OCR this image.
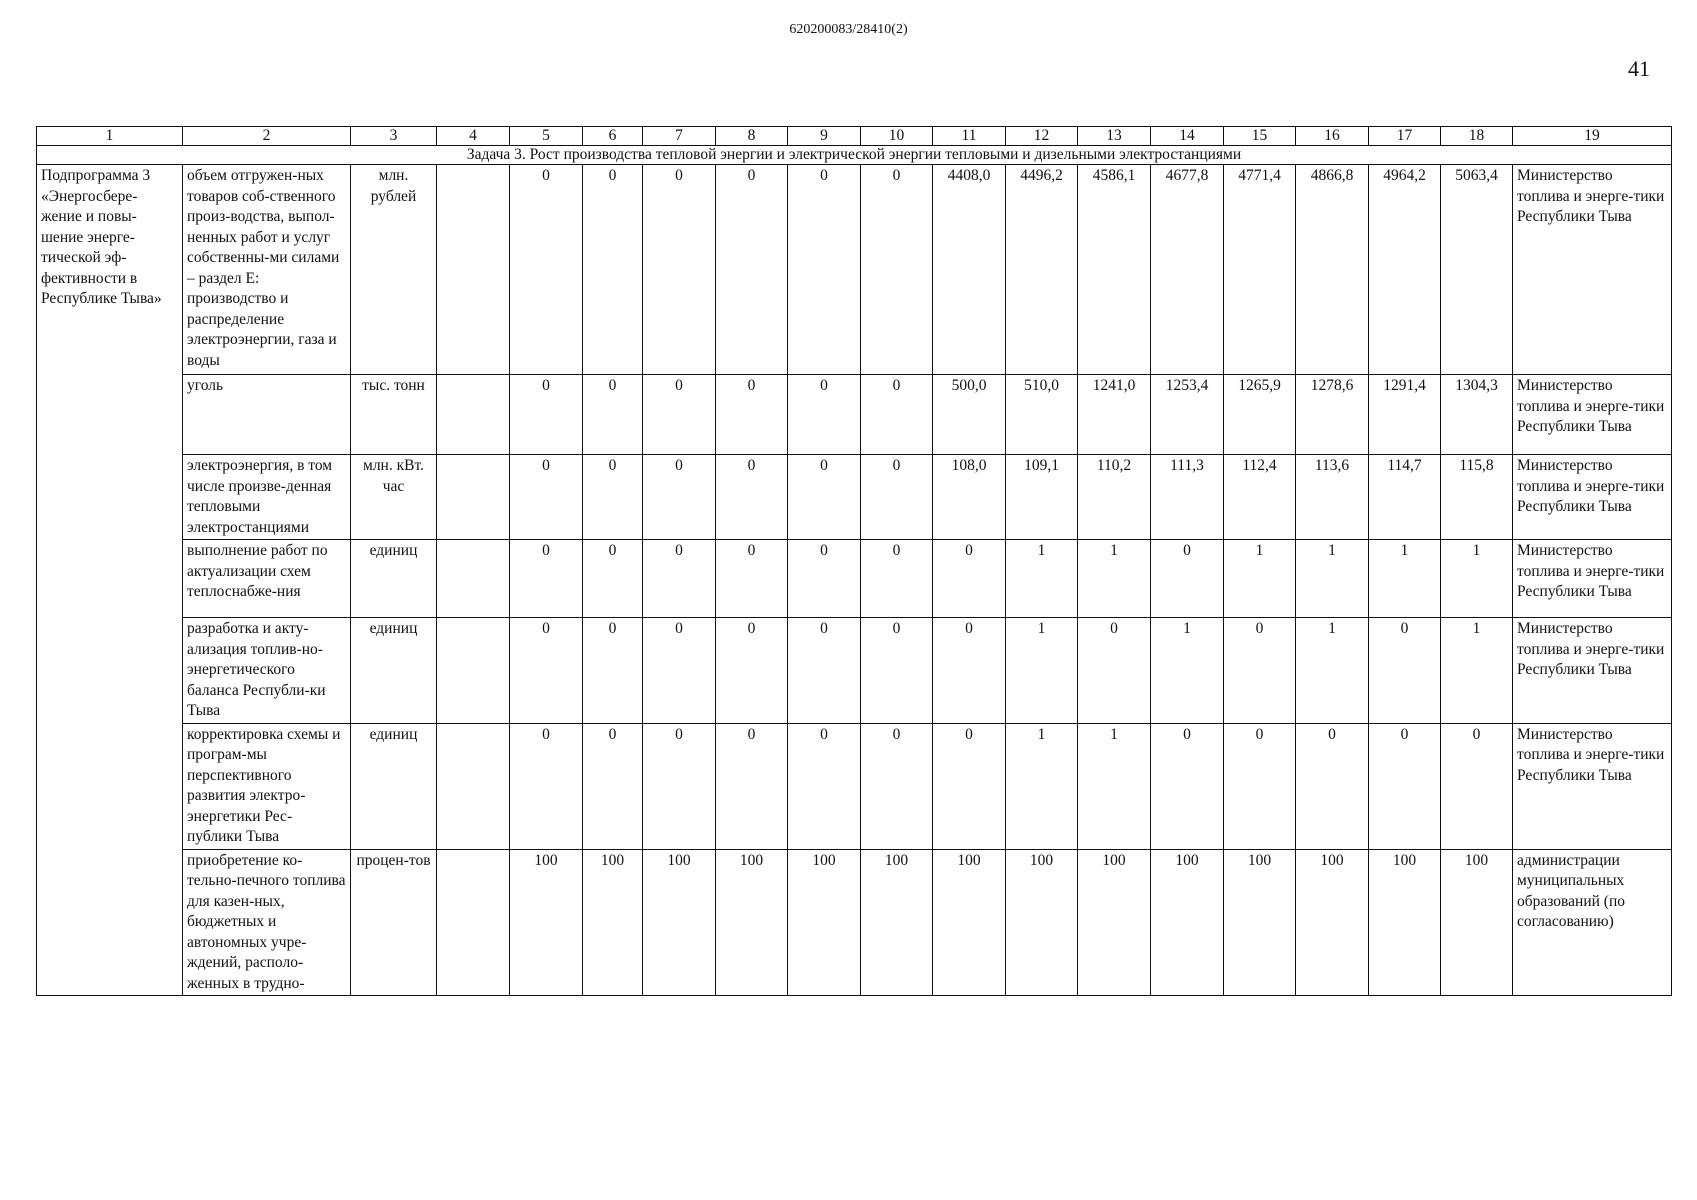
620200083/28410(2)
41
1	2	3	4	5	6	7	8	9	10	11	12	13	14	15	16	17	18	19
Задача 3. Рост производства тепловой энергии и электрической энергии тепловыми и дизельными электростанциями																		
Подпрограмма 3 «Энергосбере-жение и повы-шение энерге-тической эф-фективности в Республике Тыва»	объем отгружен-ных товаров соб-ственного произ-водства, выпол-ненных работ и услуг собственны-ми силами – раздел Е: производство и распределение электроэнергии, газа и воды	млн. рублей		0	0	0	0	0	0	4408,0	4496,2	4586,1	4677,8	4771,4	4866,8	4964,2	5063,4	Министерство топлива и энерге-тики Республики Тыва
	уголь	тыс. тонн		0	0	0	0	0	0	500,0	510,0	1241,0	1253,4	1265,9	1278,6	1291,4	1304,3	Министерство топлива и энерге-тики Республики Тыва
	электроэнергия, в том числе произве-денная тепловыми электростанциями	млн. кВт. час		0	0	0	0	0	0	108,0	109,1	110,2	111,3	112,4	113,6	114,7	115,8	Министерство топлива и энерге-тики Республики Тыва
	выполнение работ по актуализации схем теплоснабже-ния	единиц		0	0	0	0	0	0	0	1	1	0	1	1	1	1	Министерство топлива и энерге-тики Республики Тыва
	разработка и акту-ализация топлив-но-энергетического баланса Республи-ки Тыва	единиц		0	0	0	0	0	0	0	1	0	1	0	1	0	1	Министерство топлива и энерге-тики Республики Тыва
	корректировка схемы и програм-мы перспективного развития электро-энергетики Рес-публики Тыва	единиц		0	0	0	0	0	0	0	1	1	0	0	0	0	0	Министерство топлива и энерге-тики Республики Тыва
	приобретение ко-тельно-печного топлива для казен-ных, бюджетных и автономных учре-ждений, располо-женных в трудно-	процен-тов		100	100	100	100	100	100	100	100	100	100	100	100	100	100	администрации муниципальных образований (по согласованию)
